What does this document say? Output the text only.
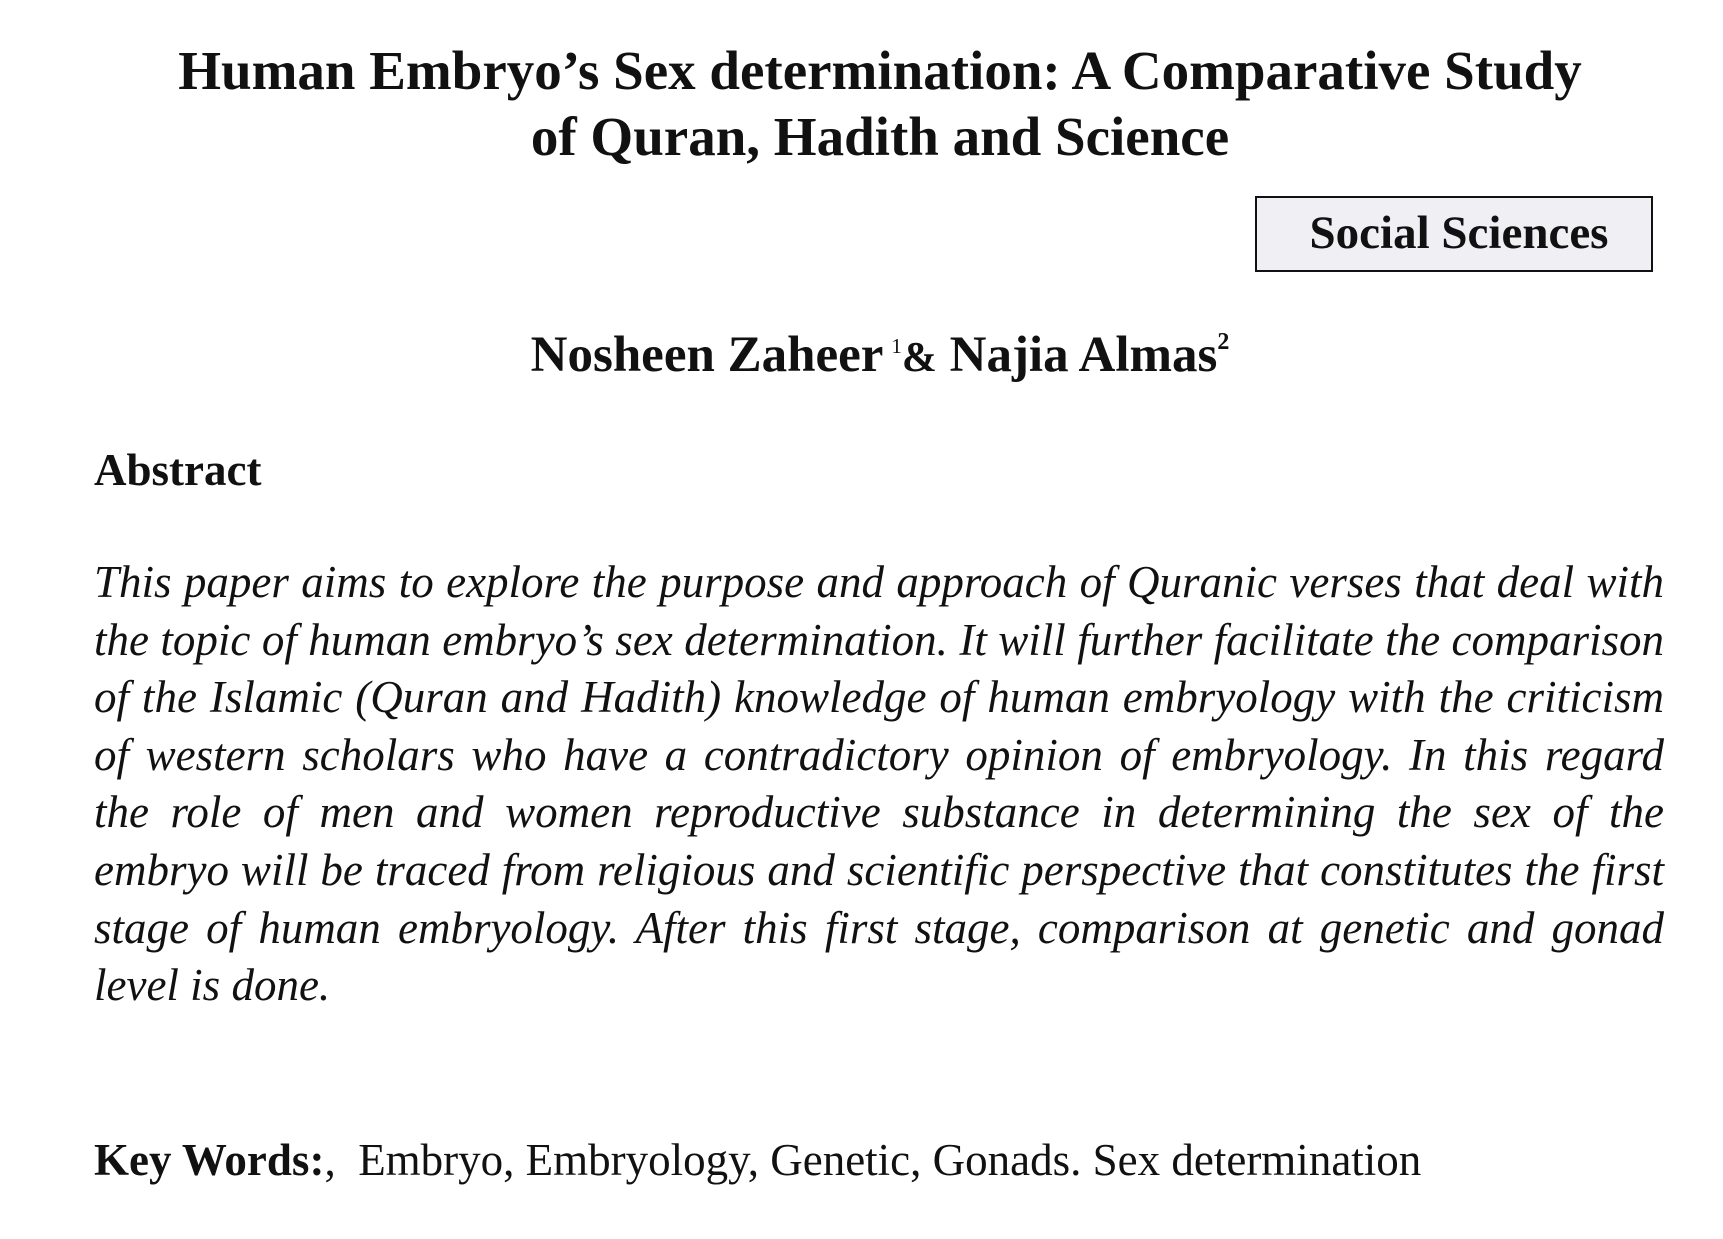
Human Embryo’s Sex determination: A Comparative Study
of Quran, Hadith and Science
Social Sciences
Nosheen Zaheer $^1$& Najia Almas$^2$
Abstract

This paper aims to explore the purpose and approach of Quranic verses that deal with the topic of human embryo’s sex determination. It will further facilitate the comparison of the Islamic (Quran and Hadith) knowledge of human embryology with the criticism of western scholars who have a contradictory opinion of embryology. In this regard the role of men and women reproductive substance in determining the sex of the embryo will be traced from religious and scientific perspective that constitutes the first stage of human embryology. After this first stage, comparison at genetic and gonad level is done.

Key Words:,  Embryo, Embryology, Genetic, Gonads. Sex determination
